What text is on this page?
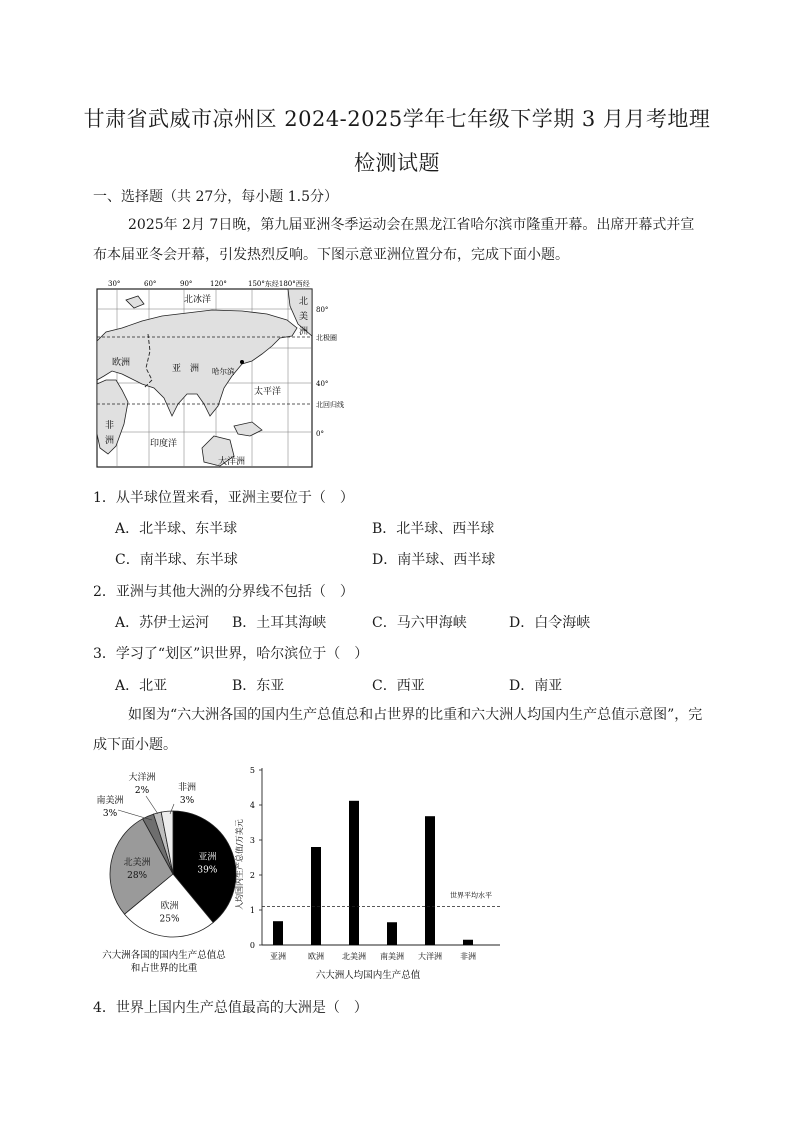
甘肃省武威市凉州区 2024-2025学年七年级下学期 3 月月考地理
检测试题
一、选择题（共 27分，每小题 1.5分）
2025年 2月 7日晚，第九届亚洲冬季运动会在黑龙江省哈尔滨市隆重开幕。出席开幕式并宣布本届亚冬会开幕，引发热烈反响。下图示意亚洲位置分布，完成下面小题。
30°	60°	90°	120°	150°东经180°西经
北冰洋	北
美
洲
欧洲
亚　洲 哈尔滨
太平洋
非
洲	印度洋
大洋洲
80°
北极圈
40°
北回归线
0°
1．从半球位置来看，亚洲主要位于（　）
A．北半球、东半球	B．北半球、西半球
C．南半球、东半球	D．南半球、西半球
2．亚洲与其他大洲的分界线不包括（　）
A．苏伊士运河 B．土耳其海峡	C．马六甲海峡	D．白令海峡
3．学习了“划区”识世界，哈尔滨位于（　）
A．北亚	B．东亚	C．西亚	D．南亚
如图为“六大洲各国的国内生产总值总和占世界的比重和六大洲人均国内生产总值示意图”，完成下面小题。
亚洲
39%
欧洲
25%
北美洲
28%
大洋洲
2%	非洲
3%
南美洲
3%
六大洲各国的国内生产总值总
和占世界的比重
0
1
2
3
4
5
亚洲	欧洲 北美洲 南美洲 大洋洲 非洲
世界平均水平
人均国内生产总值/万美元
六大洲人均国内生产总值
4．世界上国内生产总值最高的大洲是（　）
